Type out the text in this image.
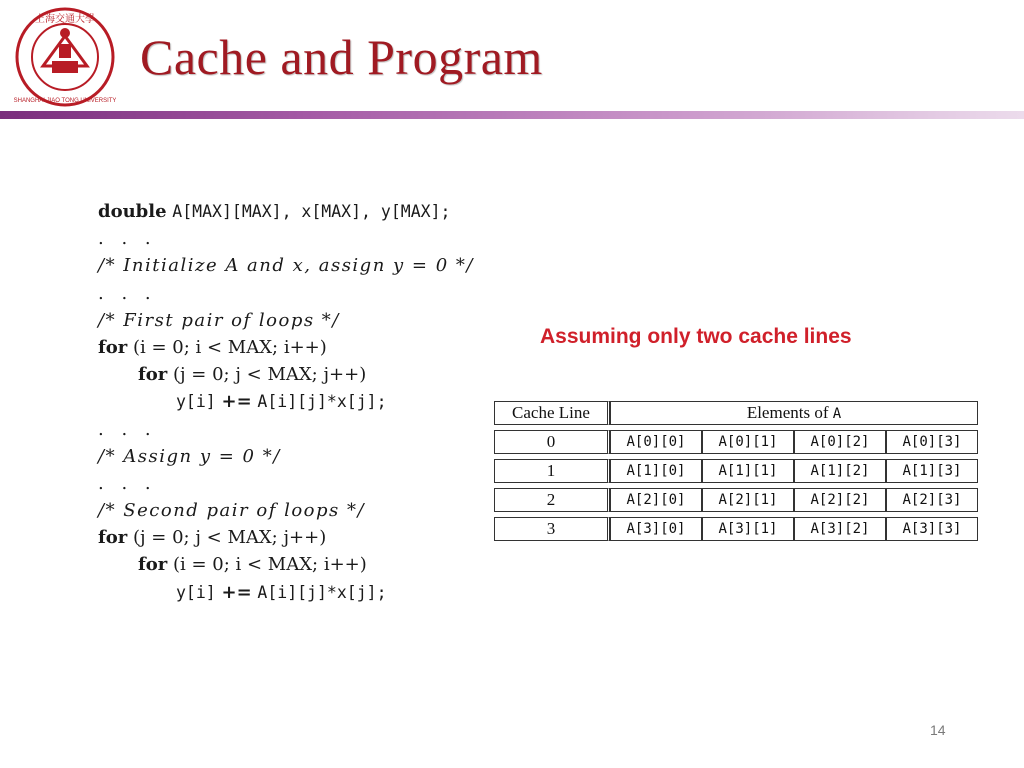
1896
SHANGHAI JIAO TONG UNIVERSITY
上海交通大學
Cache and Program
double A[MAX][MAX], x[MAX], y[MAX];
. . .
/* Initialize A and x, assign y = 0 */
. . .
/* First pair of loops */
for (i = 0; i < MAX; i++)
for (j = 0; j < MAX; j++)
y[i] += A[i][j]*x[j];
. . .
/* Assign y = 0 */
. . .
/* Second pair of loops */
for (j = 0; j < MAX; j++)
for (i = 0; i < MAX; i++)
y[i] += A[i][j]*x[j];
Assuming only two cache lines
Cache Line	Elements of A			
0	A[0][0]	A[0][1]	A[0][2]	A[0][3]
1	A[1][0]	A[1][1]	A[1][2]	A[1][3]
2	A[2][0]	A[2][1]	A[2][2]	A[2][3]
3	A[3][0]	A[3][1]	A[3][2]	A[3][3]
14
